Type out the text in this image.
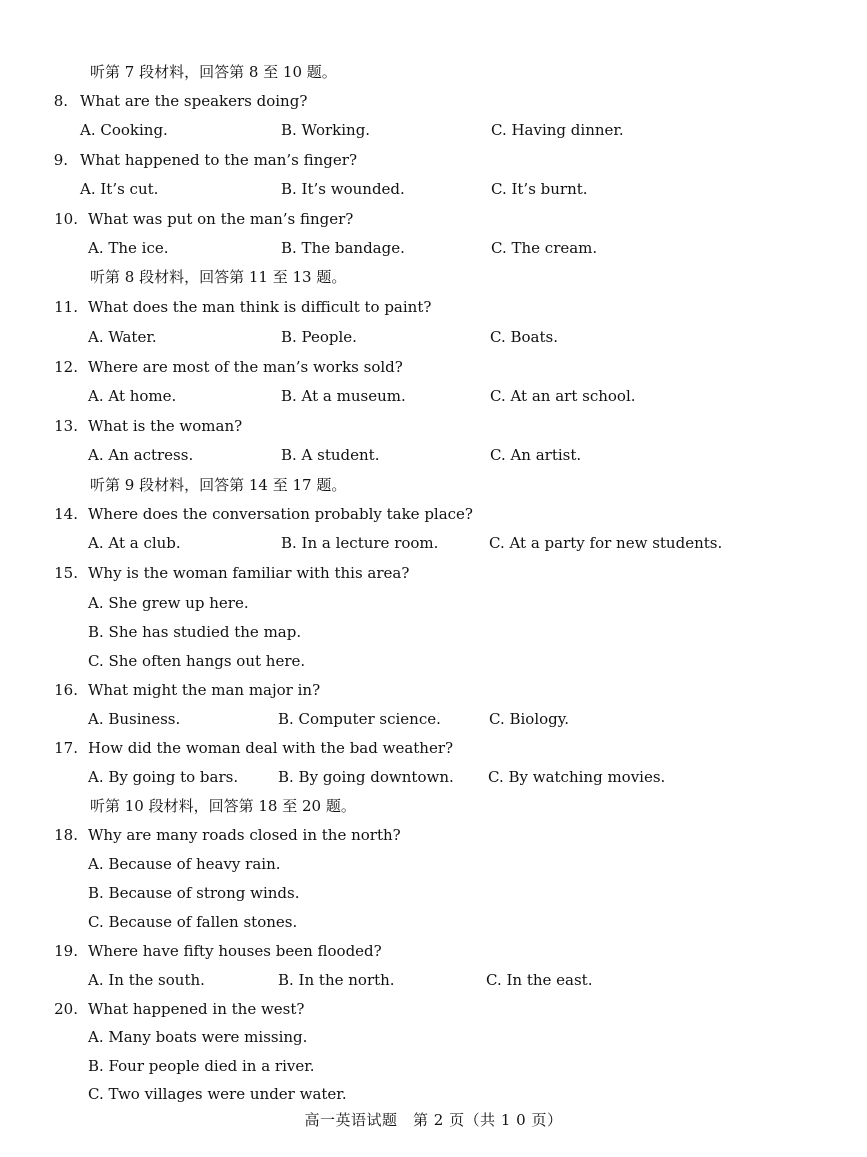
听第 7 段材料，回答第 8 至 10 题。
8. What are the speakers doing?
A. Cooking.	B. Working.	C. Having dinner.
9. What happened to the man’s finger?
A. It’s cut.	B. It’s wounded.	C. It’s burnt.
10. What was put on the man’s finger?
A. The ice.	B. The bandage.	C. The cream.
听第 8 段材料，回答第 11 至 13 题。
11. What does the man think is difficult to paint?
A. Water.	B. People.	C. Boats.
12. Where are most of the man’s works sold?
A. At home.	B. At a museum.	C. At an art school.
13. What is the woman?
A. An actress.	B. A student.	C. An artist.
听第 9 段材料，回答第 14 至 17 题。
14. Where does the conversation probably take place?
A. At a club.	B. In a lecture room.	C. At a party for new students.
15. Why is the woman familiar with this area?
A. She grew up here.
B. She has studied the map.
C. She often hangs out here.
16. What might the man major in?
A. Business.	B. Computer science.	C. Biology.
17. How did the woman deal with the bad weather?
A. By going to bars.	B. By going downtown. C. By watching movies.
听第 10 段材料，回答第 18 至 20 题。
18. Why are many roads closed in the north?
A. Because of heavy rain.
B. Because of strong winds.
C. Because of fallen stones.
19. Where have fifty houses been flooded?
A. In the south.	B. In the north.	C. In the east.
20. What happened in the west?
A. Many boats were missing.
B. Four people died in a river.
C. Two villages were under water.
高一英语试题　第 2 页（共 1 0 页）
